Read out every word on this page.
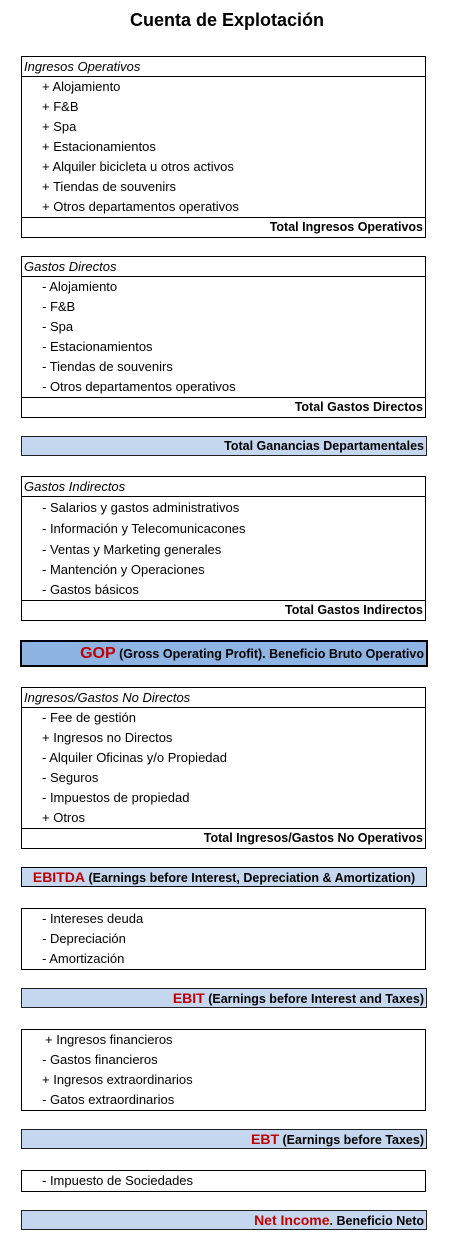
Cuenta de Explotación
Ingresos Operativos
+ Alojamiento
+ F&B
+ Spa
+ Estacionamientos
+ Alquiler bicicleta u otros activos
+ Tiendas de souvenirs
+ Otros departamentos operativos
Total Ingresos Operativos
Gastos Directos
- Alojamiento
- F&B
- Spa
- Estacionamientos
- Tiendas de souvenirs
- Otros departamentos operativos
Total Gastos Directos
Total Ganancias Departamentales
Gastos Indirectos
- Salarios y gastos administrativos
- Información y Telecomunicacones
- Ventas y Marketing generales
- Mantención y Operaciones
- Gastos básicos
Total Gastos Indirectos
GOP (Gross Operating Profit). Beneficio Bruto Operativo
Ingresos/Gastos No Directos
- Fee de gestión
+ Ingresos no Directos
- Alquiler Oficinas y/o Propiedad
- Seguros
- Impuestos de propiedad
+ Otros
Total Ingresos/Gastos No Operativos
EBITDA (Earnings before Interest, Depreciation & Amortization)
- Intereses deuda
- Depreciación
- Amortización
EBIT (Earnings before Interest and Taxes)
+ Ingresos financieros
- Gastos financieros
+ Ingresos extraordinarios
- Gatos extraordinarios
EBT (Earnings before Taxes)
- Impuesto de Sociedades
Net Income. Beneficio Neto
